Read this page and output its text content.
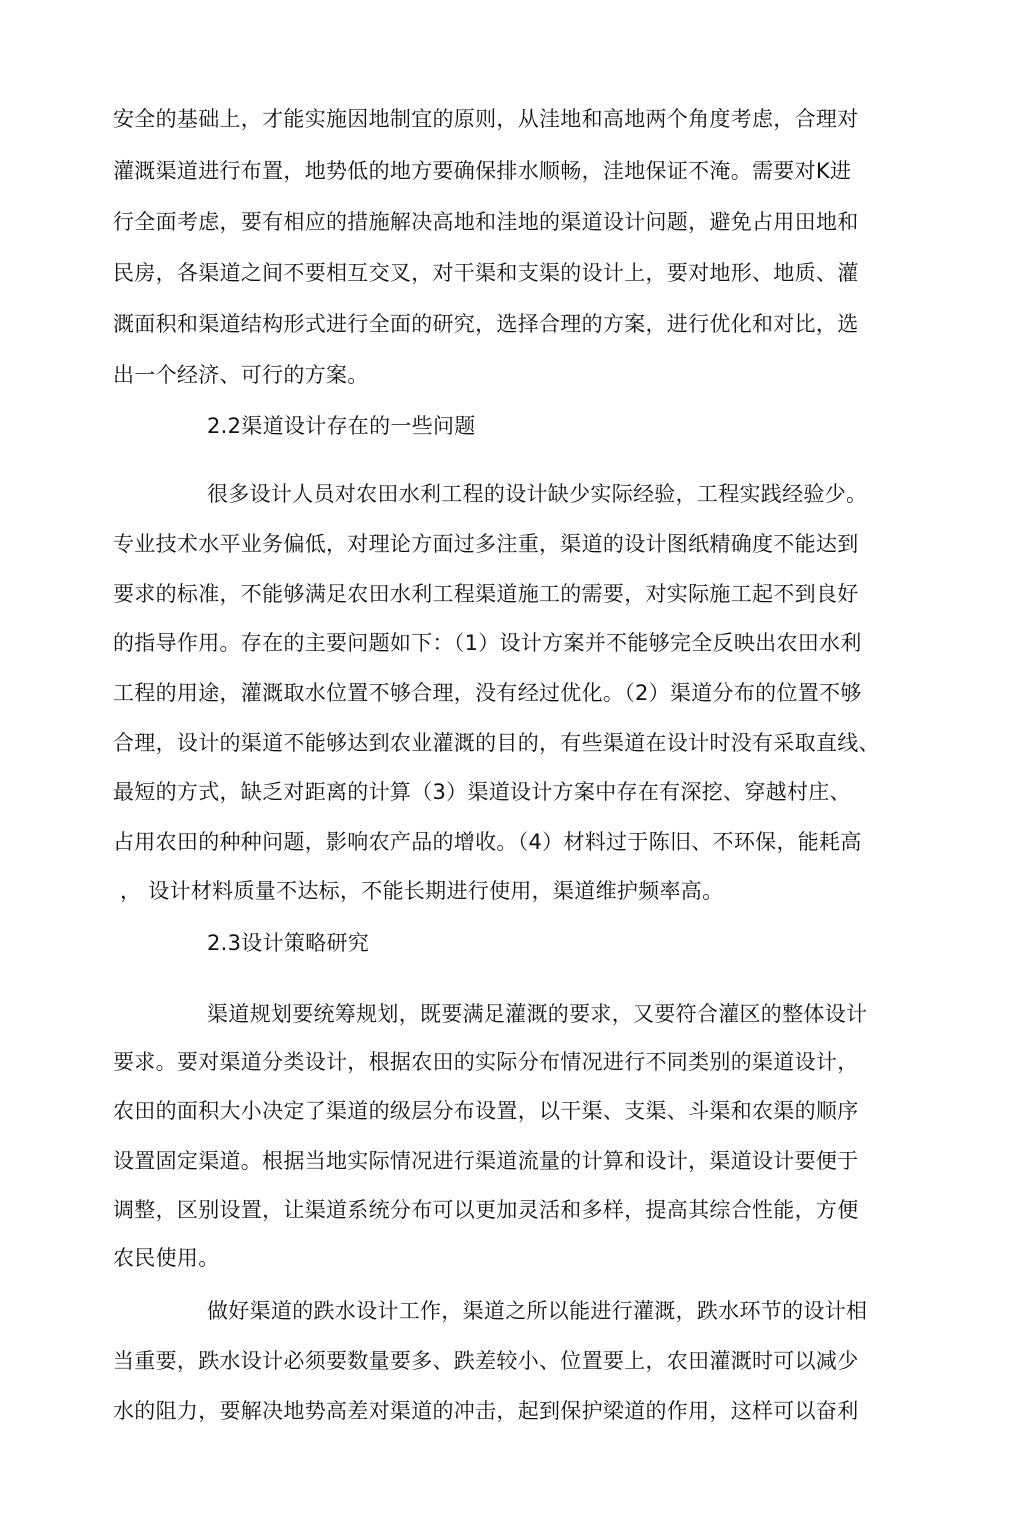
安全的基础上，才能实施因地制宜的原则，从洼地和高地两个角度考虑，合理对
灌溉渠道进行布置，地势低的地方要确保排水顺畅，洼地保证不淹。需要对K进
行全面考虑，要有相应的措施解决高地和洼地的渠道设计问题，避免占用田地和
民房，各渠道之间不要相互交叉，对干渠和支渠的设计上，要对地形、地质、灌
溉面积和渠道结构形式进行全面的研究，选择合理的方案，进行优化和对比，选
出一个经济、可行的方案。
2.2渠道设计存在的一些问题
很多设计人员对农田水利工程的设计缺少实际经验，工程实践经验少。
专业技术水平业务偏低，对理论方面过多注重，渠道的设计图纸精确度不能达到
要求的标准，不能够满足农田水利工程渠道施工的需要，对实际施工起不到良好
的指导作用。存在的主要问题如下：（1）设计方案并不能够完全反映出农田水利
工程的用途，灌溉取水位置不够合理，没有经过优化。（2）渠道分布的位置不够
合理，设计的渠道不能够达到农业灌溉的目的，有些渠道在设计时没有采取直线、
最短的方式，缺乏对距离的计算（3）渠道设计方案中存在有深挖、穿越村庄、
占用农田的种种问题，影响农产品的增收。（4）材料过于陈旧、不环保，能耗高
， 设计材料质量不达标，不能长期进行使用，渠道维护频率高。
2.3设计策略研究
渠道规划要统筹规划，既要满足灌溉的要求，又要符合灌区的整体设计
要求。要对渠道分类设计，根据农田的实际分布情况进行不同类别的渠道设计，
农田的面积大小决定了渠道的级层分布设置，以干渠、支渠、斗渠和农渠的顺序
设置固定渠道。根据当地实际情况进行渠道流量的计算和设计，渠道设计要便于
调整，区别设置，让渠道系统分布可以更加灵活和多样，提高其综合性能，方便
农民使用。
做好渠道的跌水设计工作，渠道之所以能进行灌溉，跌水环节的设计相
当重要，跌水设计必须要数量要多、跌差较小、位置要上，农田灌溉时可以减少
水的阻力，要解决地势高差对渠道的冲击，起到保护梁道的作用，这样可以奋利
